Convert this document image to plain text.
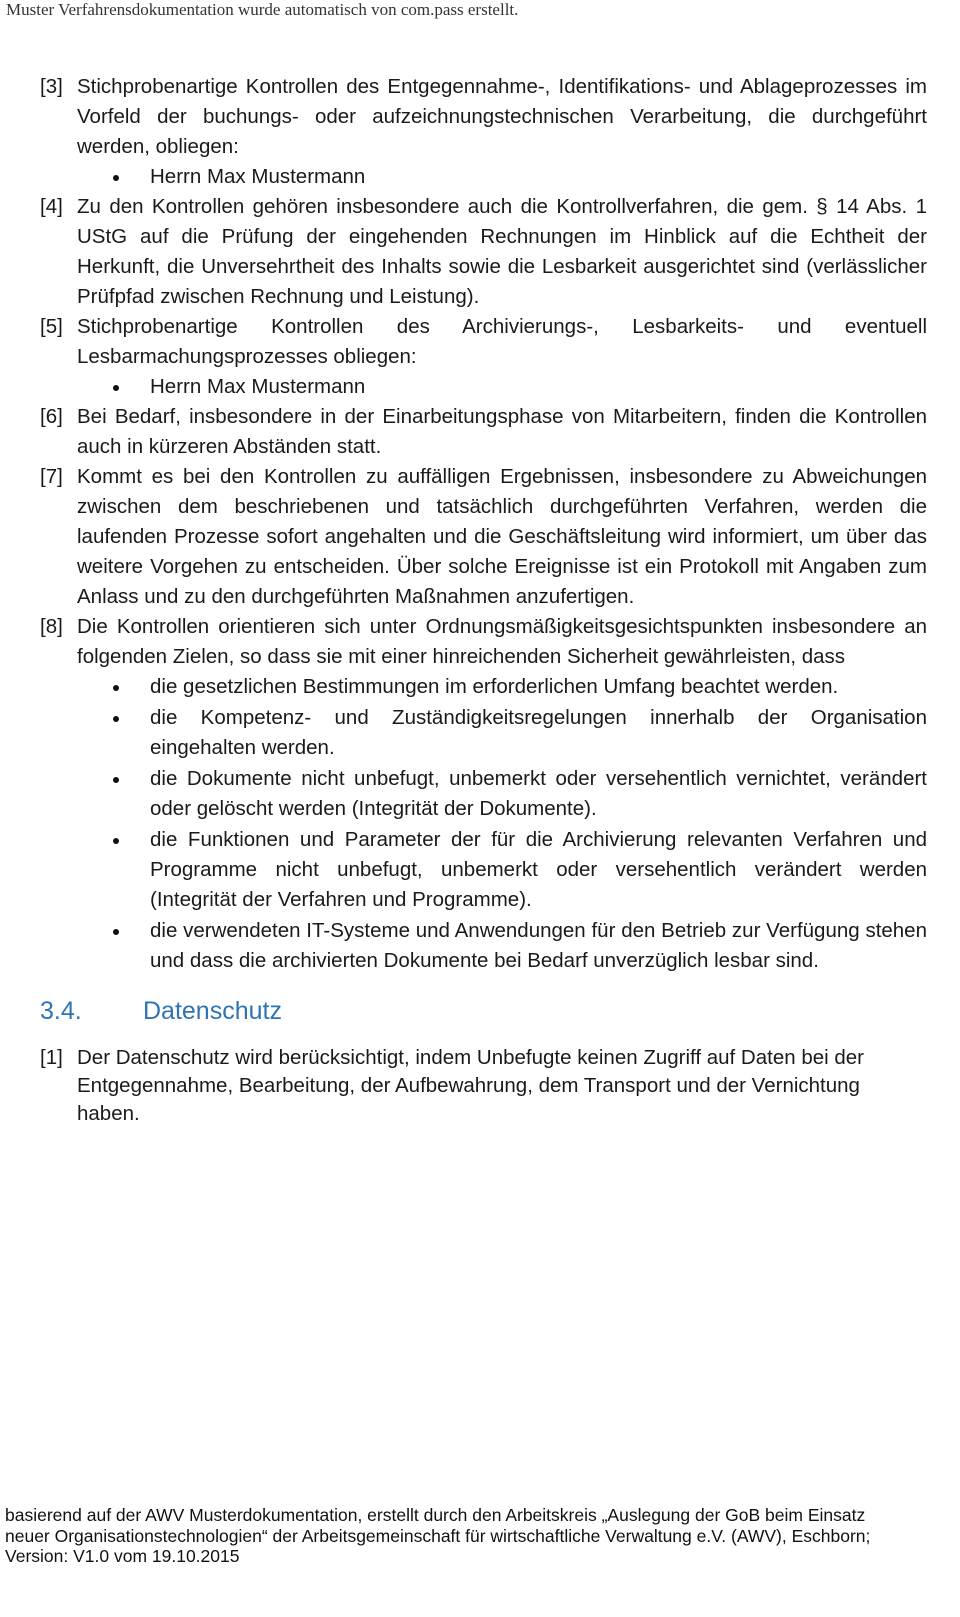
Muster Verfahrensdokumentation wurde automatisch von com.pass erstellt.
[3] Stichprobenartige Kontrollen des Entgegennahme-, Identifikations- und Ablageprozesses im Vorfeld der buchungs- oder aufzeichnungstechnischen Verarbeitung, die durchgeführt werden, obliegen:
Herrn Max Mustermann
[4] Zu den Kontrollen gehören insbesondere auch die Kontrollverfahren, die gem. § 14 Abs. 1 UStG auf die Prüfung der eingehenden Rechnungen im Hinblick auf die Echtheit der Herkunft, die Unversehrtheit des Inhalts sowie die Lesbarkeit ausgerichtet sind (verlässlicher Prüfpfad zwischen Rechnung und Leistung).
[5] Stichprobenartige Kontrollen des Archivierungs-, Lesbarkeits- und eventuell Lesbarmachungsprozesses obliegen:
Herrn Max Mustermann
[6] Bei Bedarf, insbesondere in der Einarbeitungsphase von Mitarbeitern, finden die Kontrollen auch in kürzeren Abständen statt.
[7] Kommt es bei den Kontrollen zu auffälligen Ergebnissen, insbesondere zu Abweichungen zwischen dem beschriebenen und tatsächlich durchgeführten Verfahren, werden die laufenden Prozesse sofort angehalten und die Geschäftsleitung wird informiert, um über das weitere Vorgehen zu entscheiden. Über solche Ereignisse ist ein Protokoll mit Angaben zum Anlass und zu den durchgeführten Maßnahmen anzufertigen.
[8] Die Kontrollen orientieren sich unter Ordnungsmäßigkeitsgesichtspunkten insbesondere an folgenden Zielen, so dass sie mit einer hinreichenden Sicherheit gewährleisten, dass
die gesetzlichen Bestimmungen im erforderlichen Umfang beachtet werden.
die Kompetenz- und Zuständigkeitsregelungen innerhalb der Organisation eingehalten werden.
die Dokumente nicht unbefugt, unbemerkt oder versehentlich vernichtet, verändert oder gelöscht werden (Integrität der Dokumente).
die Funktionen und Parameter der für die Archivierung relevanten Verfahren und Programme nicht unbefugt, unbemerkt oder versehentlich verändert werden (Integrität der Verfahren und Programme).
die verwendeten IT-Systeme und Anwendungen für den Betrieb zur Verfügung stehen und dass die archivierten Dokumente bei Bedarf unverzüglich lesbar sind.
3.4.	Datenschutz
[1] Der Datenschutz wird berücksichtigt, indem Unbefugte keinen Zugriff auf Daten bei der Entgegennahme, Bearbeitung, der Aufbewahrung, dem Transport und der Vernichtung haben.
basierend auf der AWV Musterdokumentation, erstellt durch den Arbeitskreis „Auslegung der GoB beim Einsatz
neuer Organisationstechnologien“ der Arbeitsgemeinschaft für wirtschaftliche Verwaltung e.V. (AWV), Eschborn;
Version: V1.0 vom 19.10.2015
